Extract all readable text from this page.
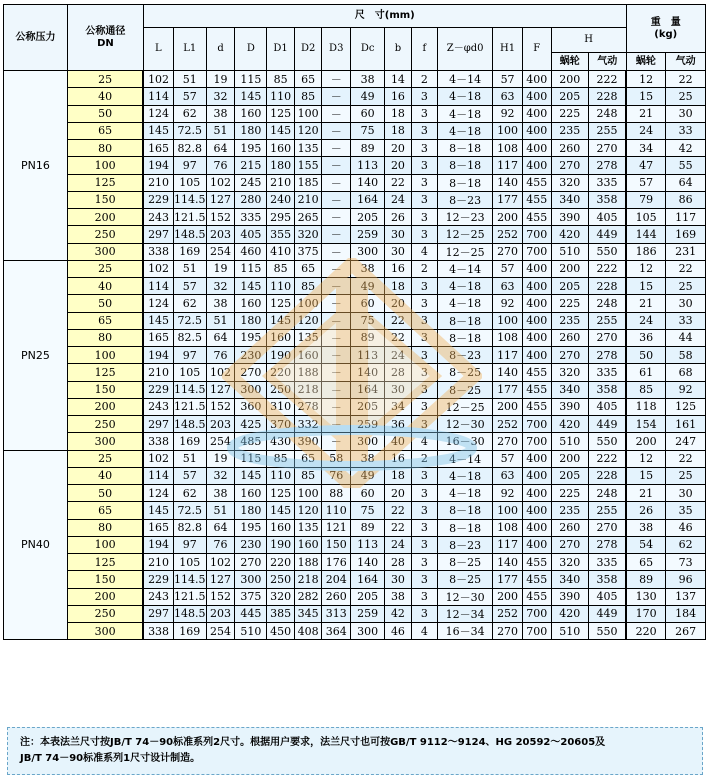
公称压力	公称通径
DN	尺　寸(mm)															重　量
(kg)	
		L	L1	d	D	D1	D2	D3	Dc	b	f	Z－φd0	H1	F	H			
															蜗轮	气动	蜗轮	气动
PN16	25	102	51	19	115	85	65	－	38	14	2	4－14	57	400	200	222	12	22
	40	114	57	32	145	110	85	－	49	16	3	4－18	63	400	205	228	15	25
	50	124	62	38	160	125	100	－	60	18	3	4－18	92	400	225	248	21	30
	65	145	72.5	51	180	145	120	－	75	18	3	4－18	100	400	235	255	24	33
	80	165	82.8	64	195	160	135	－	89	20	3	8－18	108	400	260	270	34	42
	100	194	97	76	215	180	155	－	113	20	3	8－18	117	400	270	278	47	55
	125	210	105	102	245	210	185	－	140	22	3	8－18	140	455	320	335	57	64
	150	229	114.5	127	280	240	210	－	164	24	3	8－23	177	455	340	358	79	86
	200	243	121.5	152	335	295	265	－	205	26	3	12－23	200	455	390	405	105	117
	250	297	148.5	203	405	355	320	－	259	30	3	12－25	252	700	420	449	144	169
	300	338	169	254	460	410	375	－	300	30	4	12－25	270	700	510	550	186	231
PN25	25	102	51	19	115	85	65	－	38	16	2	4－14	57	400	200	222	12	22
	40	114	57	32	145	110	85	－	49	18	3	4－18	63	400	205	228	15	25
	50	124	62	38	160	125	100	－	60	20	3	4－18	92	400	225	248	21	30
	65	145	72.5	51	180	145	120	－	75	22	3	8－18	100	400	235	255	24	33
	80	165	82.5	64	195	160	135	－	89	22	3	8－18	108	400	260	270	36	44
	100	194	97	76	230	190	160	－	113	24	3	8－23	117	400	270	278	50	58
	125	210	105	102	270	220	188	－	140	28	3	8－25	140	455	320	335	61	68
	150	229	114.5	127	300	250	218	－	164	30	3	8－25	177	455	340	358	85	92
	200	243	121.5	152	360	310	278	－	205	34	3	12－25	200	455	390	405	118	125
	250	297	148.5	203	425	370	332	－	259	36	3	12－30	252	700	420	449	154	161
	300	338	169	254	485	430	390	－	300	40	4	16－30	270	700	510	550	200	247
PN40	25	102	51	19	115	85	65	58	38	16	2	4－14	57	400	200	222	12	22
	40	114	57	32	145	110	85	76	49	18	3	4－18	63	400	205	228	15	25
	50	124	62	38	160	125	100	88	60	20	3	4－18	92	400	225	248	21	30
	65	145	72.5	51	180	145	120	110	75	22	3	8－18	100	400	235	255	26	35
	80	165	82.8	64	195	160	135	121	89	22	3	8－18	108	400	260	270	38	46
	100	194	97	76	230	190	160	150	113	24	3	8－23	117	400	270	278	54	62
	125	210	105	102	270	220	188	176	140	28	3	8－25	140	455	320	335	65	73
	150	229	114.5	127	300	250	218	204	164	30	3	8－25	177	455	340	358	89	96
	200	243	121.5	152	375	320	282	260	205	38	3	12－30	200	455	390	405	130	137
	250	297	148.5	203	445	385	345	313	259	42	3	12－34	252	700	420	449	170	184
	300	338	169	254	510	450	408	364	300	46	4	16－34	270	700	510	550	220	267
注：本表法兰尺寸按JB/T 74－90标准系列2尺寸。根据用户要求，法兰尺寸也可按GB/T 9112～9124、HG 20592～20605及
JB/T 74－90标准系列1尺寸设计制造。
